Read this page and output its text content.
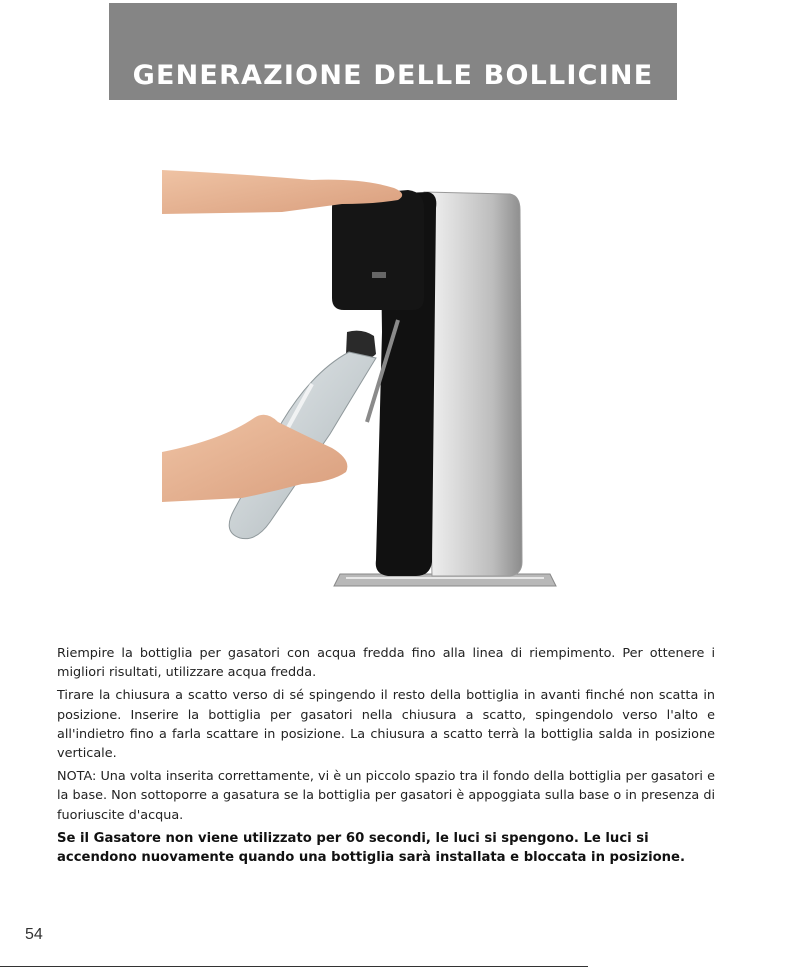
GENERAZIONE DELLE BOLLICINE

Riempire la bottiglia per gasatori con acqua fredda fino alla linea di riempimento. Per ottenere i migliori risultati, utilizzare acqua fredda.

Tirare la chiusura a scatto verso di sé spingendo il resto della bottiglia in avanti finché non scatta in posizione. Inserire la bottiglia per gasatori nella chiusura a scatto, spingendolo verso l'alto e all'indietro fino a farla scattare in posizione. La chiusura a scatto terrà la bottiglia salda in posizione verticale.

NOTA: Una volta inserita correttamente, vi è un piccolo spazio tra il fondo della bottiglia per gasatori e la base. Non sottoporre a gasatura se la bottiglia per gasatori è appoggiata sulla base o in presenza di fuoriuscite d'acqua.

Se il Gasatore non viene utilizzato per 60 secondi, le luci si spengono. Le luci si accendono nuovamente quando una bottiglia sarà installata e bloccata in posizione.

54
